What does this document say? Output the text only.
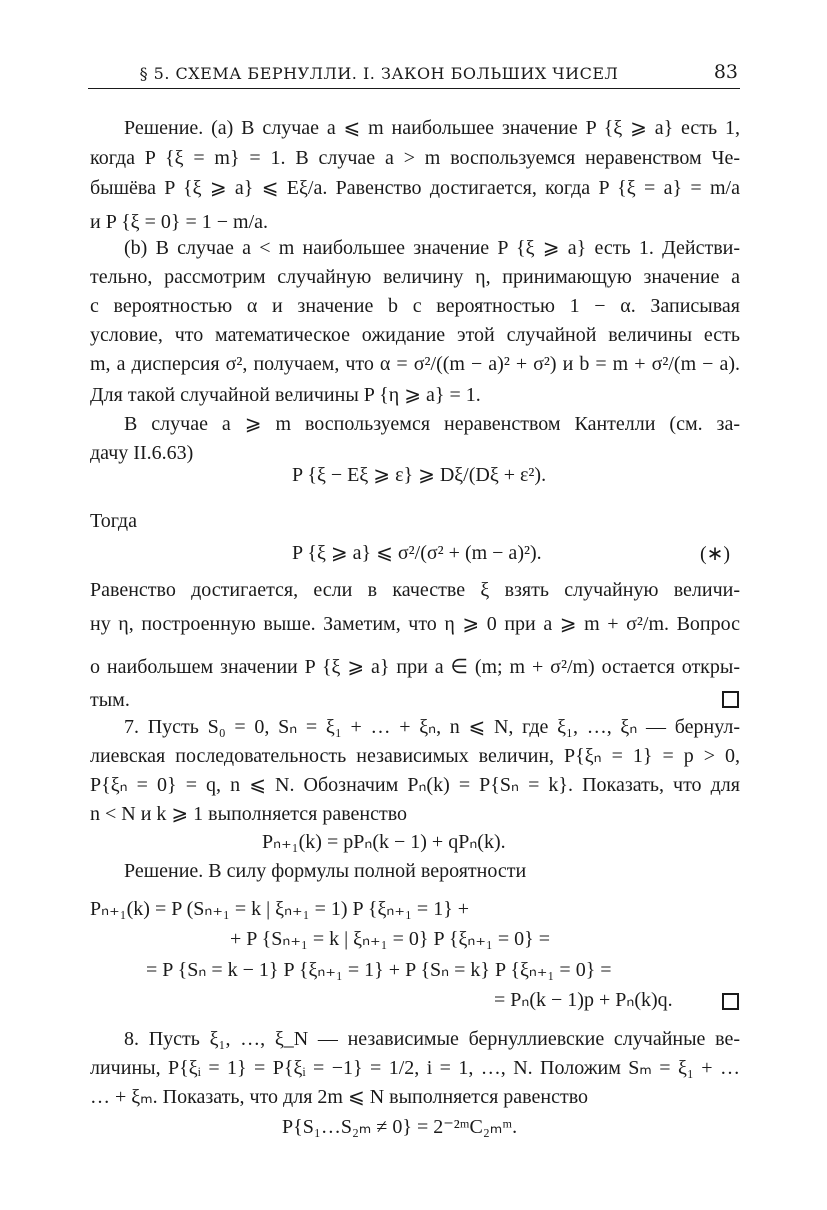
§ 5. СХЕМА БЕРНУЛЛИ. I. ЗАКОН БОЛЬШИХ ЧИСЕЛ	83
Решение. (a) В случае a ⩽ m наибольшее значение P {ξ ⩾ a} есть 1,
когда P {ξ = m} = 1. В случае a > m воспользуемся неравенством Че-
бышёва P {ξ ⩾ a} ⩽ Eξ/a. Равенство достигается, когда P {ξ = a} = m/a
и P {ξ = 0} = 1 − m/a.
(b) В случае a < m наибольшее значение P {ξ ⩾ a} есть 1. Действи-
тельно, рассмотрим случайную величину η, принимающую значение a
с вероятностью α и значение b с вероятностью 1 − α. Записывая
условие, что математическое ожидание этой случайной величины есть
m, а дисперсия σ², получаем, что α = σ²/((m − a)² + σ²) и b = m + σ²/(m − a).
Для такой случайной величины P {η ⩾ a} = 1.
В случае a ⩾ m воспользуемся неравенством Кантелли (см. за-
дачу II.6.63)
P {ξ − Eξ ⩾ ε} ⩾ Dξ/(Dξ + ε²).
Тогда
P {ξ ⩾ a} ⩽ σ²/(σ² + (m − a)²).	(∗)
Равенство достигается, если в качестве ξ взять случайную величи-
ну η, построенную выше. Заметим, что η ⩾ 0 при a ⩾ m + σ²/m. Вопрос
о наибольшем значении P {ξ ⩾ a} при a ∈ (m; m + σ²/m) остается откры-
тым.
7. Пусть S₀ = 0, Sₙ = ξ₁ + … + ξₙ, n ⩽ N, где ξ₁, …, ξₙ — бернул-
лиевская последовательность независимых величин, P{ξₙ = 1} = p > 0,
P{ξₙ = 0} = q, n ⩽ N. Обозначим Pₙ(k) = P{Sₙ = k}. Показать, что для
n < N и k ⩾ 1 выполняется равенство
Pₙ₊₁(k) = pPₙ(k − 1) + qPₙ(k).
Решение. В силу формулы полной вероятности
Pₙ₊₁(k) = P (Sₙ₊₁ = k | ξₙ₊₁ = 1) P {ξₙ₊₁ = 1} +
+ P {Sₙ₊₁ = k | ξₙ₊₁ = 0} P {ξₙ₊₁ = 0} =
= P {Sₙ = k − 1} P {ξₙ₊₁ = 1} + P {Sₙ = k} P {ξₙ₊₁ = 0} =
= Pₙ(k − 1)p + Pₙ(k)q.
8. Пусть ξ₁, …, ξ_N — независимые бернуллиевские случайные ве-
личины, P{ξᵢ = 1} = P{ξᵢ = −1} = 1/2, i = 1, …, N. Положим Sₘ = ξ₁ + …
… + ξₘ. Показать, что для 2m ⩽ N выполняется равенство
P{S₁…S₂ₘ ≠ 0} = 2⁻²ᵐC₂ₘᵐ.
